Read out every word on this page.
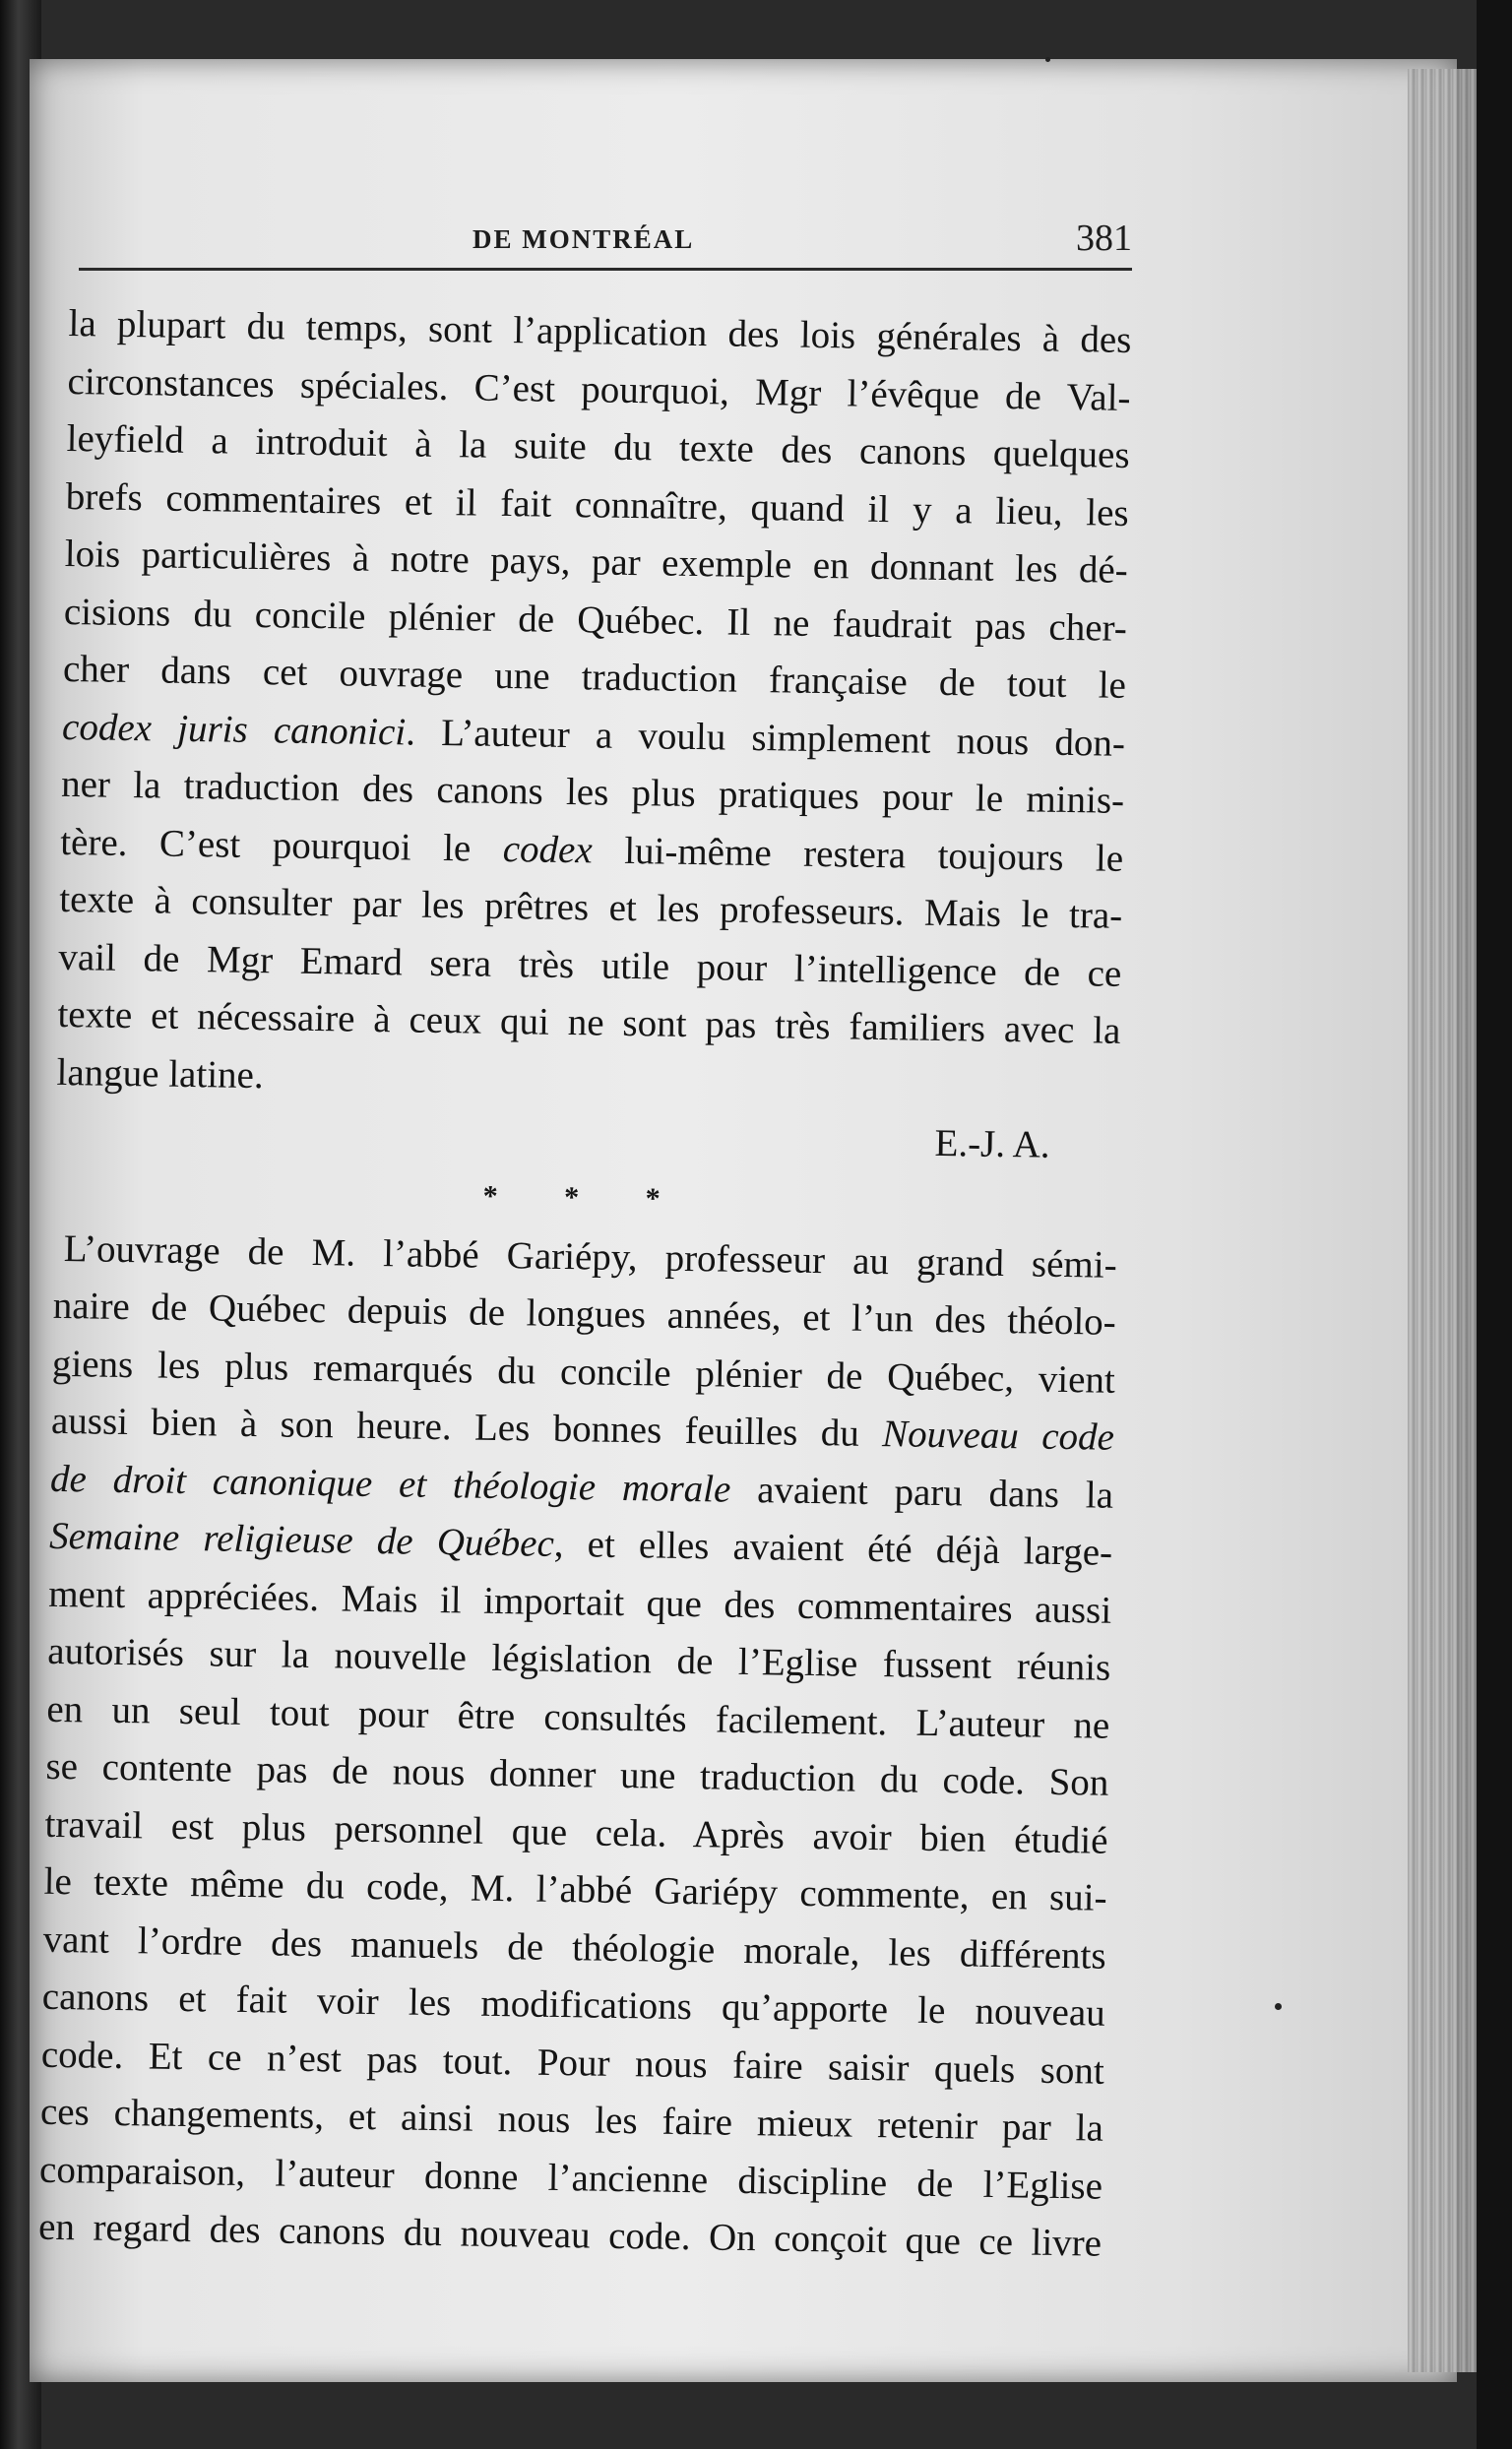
DE MONTRÉAL	381
la plupart du temps, sont l’application des lois générales à des
circonstances spéciales. C’est pourquoi, Mgr l’évêque de Val-
leyfield a introduit à la suite du texte des canons quelques
brefs commentaires et il fait connaître, quand il y a lieu, les
lois particulières à notre pays, par exemple en donnant les dé-
cisions du concile plénier de Québec. Il ne faudrait pas cher-
cher dans cet ouvrage une traduction française de tout le
codex juris canonici. L’auteur a voulu simplement nous don-
ner la traduction des canons les plus pratiques pour le minis-
tère. C’est pourquoi le codex lui-même restera toujours le
texte à consulter par les prêtres et les professeurs. Mais le tra-
vail de Mgr Emard sera très utile pour l’intelligence de ce
texte et nécessaire à ceux qui ne sont pas très familiers avec la
langue latine.
E.-J. A.
* * *
L’ouvrage de M. l’abbé Gariépy, professeur au grand sémi-
naire de Québec depuis de longues années, et l’un des théolo-
giens les plus remarqués du concile plénier de Québec, vient
aussi bien à son heure. Les bonnes feuilles du Nouveau code
de droit canonique et théologie morale avaient paru dans la
Semaine religieuse de Québec, et elles avaient été déjà large-
ment appréciées. Mais il importait que des commentaires aussi
autorisés sur la nouvelle législation de l’Eglise fussent réunis
en un seul tout pour être consultés facilement. L’auteur ne
se contente pas de nous donner une traduction du code. Son
travail est plus personnel que cela. Après avoir bien étudié
le texte même du code, M. l’abbé Gariépy commente, en sui-
vant l’ordre des manuels de théologie morale, les différents
canons et fait voir les modifications qu’apporte le nouveau
code. Et ce n’est pas tout. Pour nous faire saisir quels sont
ces changements, et ainsi nous les faire mieux retenir par la
comparaison, l’auteur donne l’ancienne discipline de l’Eglise
en regard des canons du nouveau code. On conçoit que ce livre
